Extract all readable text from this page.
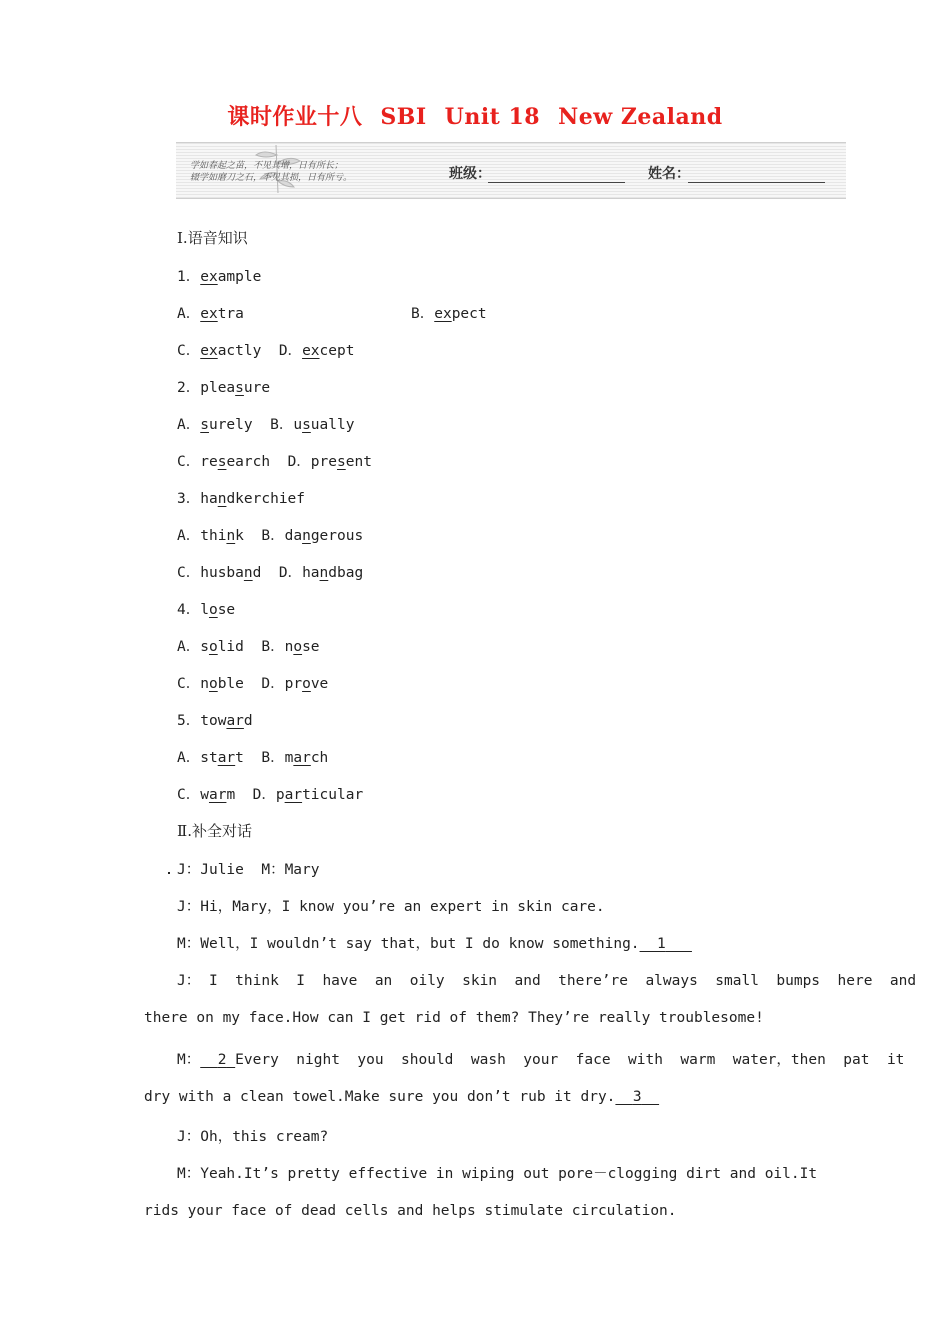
课时作业十八 SBⅠ Unit 18 New Zealand
学如春起之苗，不见其增，日有所长；
辍学如磨刀之石，不见其损，日有所亏。	班级：	姓名：
Ⅰ.语音知识
1．example
A．extra	B．expect
C．exactly D．except
2．pleasure
A．surely B．usually
C．research D．present
3．handkerchief
A．think B．dangerous
C．husband D．handbag
4．lose
A．solid B．nose
C．noble D．prove
5．toward
A．start B．march
C．warm D．particular
Ⅱ.补全对话
J：Julie  M：Mary
J：Hi，Mary，I know you’re an expert in skin care.
M：Well，I wouldn’t say that，but I do know something. 1
J： I  think  I  have  an  oily  skin  and  there’re  always  small  bumps  here  and
there on my face.How can I get rid of them? They’re really troublesome!
M： 2 Every  night  you  should  wash  your  face  with  warm  water，then  pat  it
dry with a clean towel.Make sure you don’t rub it dry. 3
J：Oh，this cream?
M：Yeah.It’s pretty effective in wiping out pore－clogging dirt and oil.It
rids your face of dead cells and helps stimulate circulation.
